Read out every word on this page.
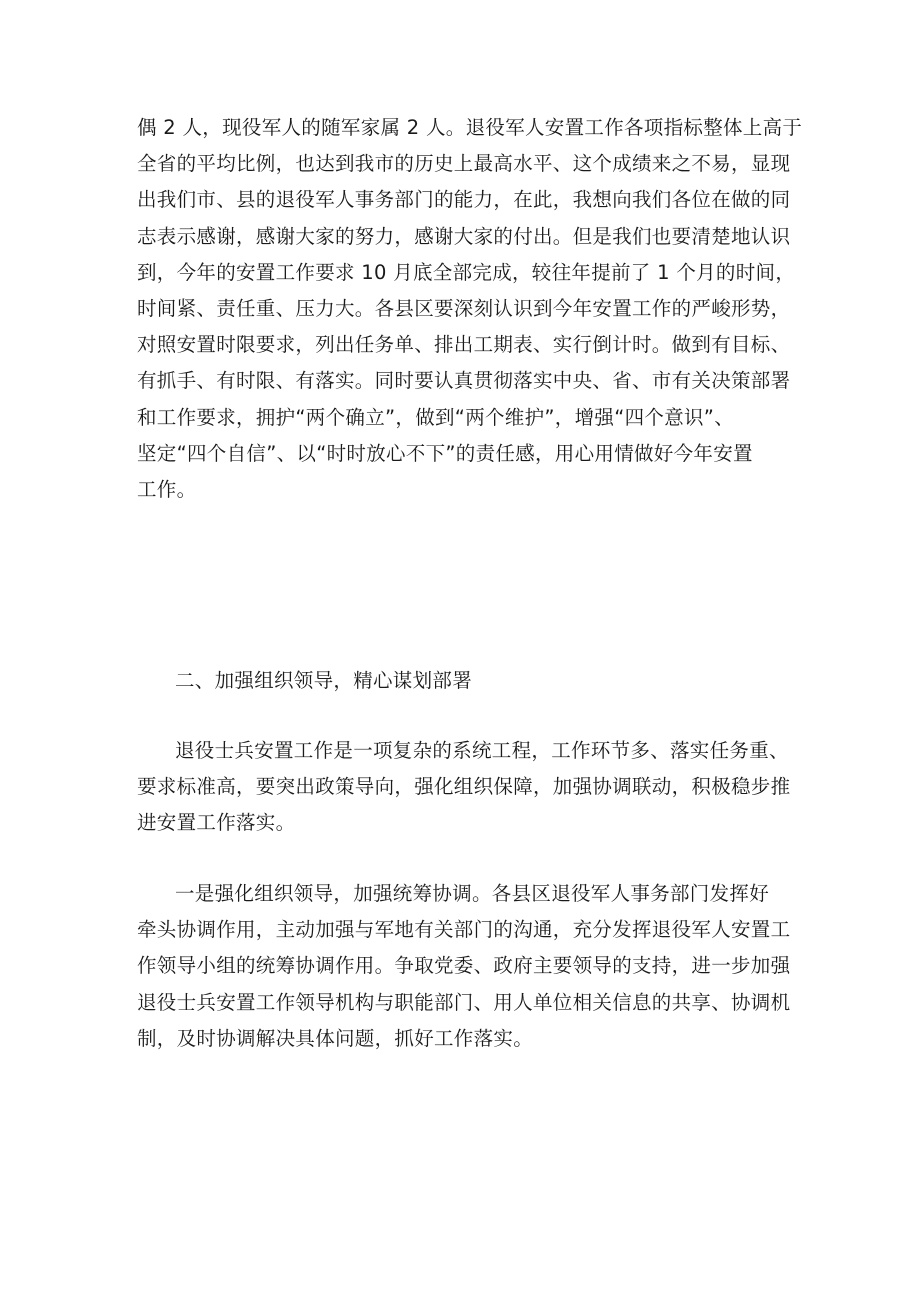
偶 2 人，现役军人的随军家属 2 人。退役军人安置工作各项指标整体上高于
全省的平均比例，也达到我市的历史上最高水平、这个成绩来之不易，显现
出我们市、县的退役军人事务部门的能力，在此，我想向我们各位在做的同
志表示感谢，感谢大家的努力，感谢大家的付出。但是我们也要清楚地认识
到，今年的安置工作要求 10 月底全部完成，较往年提前了 1 个月的时间，
时间紧、责任重、压力大。各县区要深刻认识到今年安置工作的严峻形势，
对照安置时限要求，列出任务单、排出工期表、实行倒计时。做到有目标、
有抓手、有时限、有落实。同时要认真贯彻落实中央、省、市有关决策部署
和工作要求，拥护“两个确立”，做到“两个维护”，增强“四个意识”、
坚定“四个自信”、以“时时放心不下”的责任感，用心用情做好今年安置
工作。
二、加强组织领导，精心谋划部署
退役士兵安置工作是一项复杂的系统工程，工作环节多、落实任务重、
要求标准高，要突出政策导向，强化组织保障，加强协调联动，积极稳步推
进安置工作落实。
一是强化组织领导，加强统筹协调。各县区退役军人事务部门发挥好
牵头协调作用，主动加强与军地有关部门的沟通，充分发挥退役军人安置工
作领导小组的统筹协调作用。争取党委、政府主要领导的支持，进一步加强
退役士兵安置工作领导机构与职能部门、用人单位相关信息的共享、协调机
制，及时协调解决具体问题，抓好工作落实。
